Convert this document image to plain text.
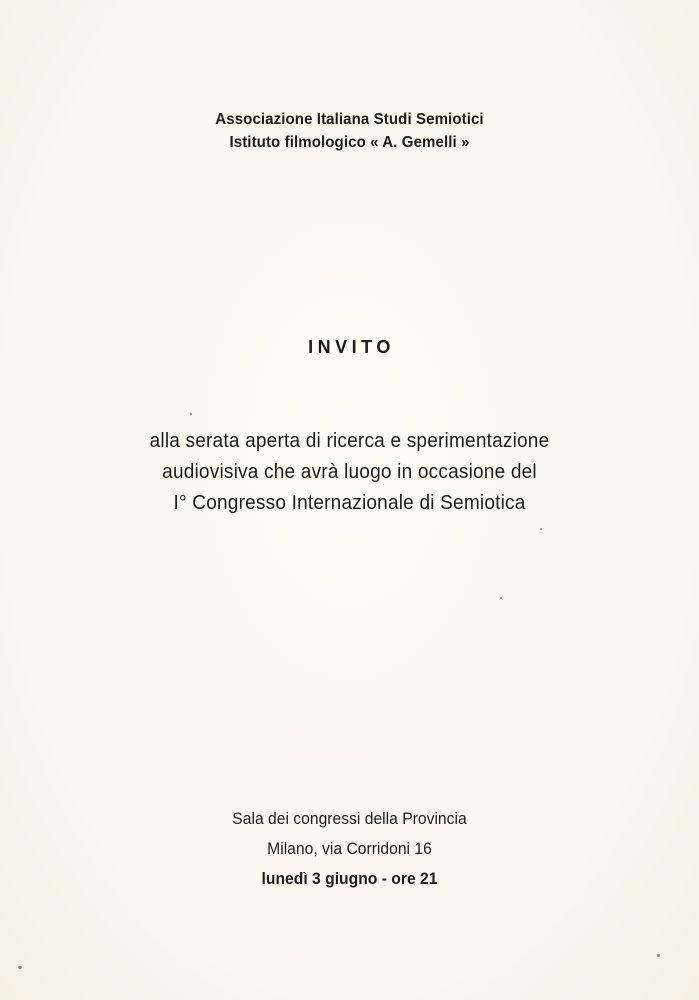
Associazione Italiana Studi Semiotici
Istituto filmologico « A. Gemelli »
INVITO
alla serata aperta di ricerca e sperimentazione
audiovisiva che avrà luogo in occasione del
I° Congresso Internazionale di Semiotica
Sala dei congressi della Provincia
Milano, via Corridoni 16
lunedì 3 giugno - ore 21
